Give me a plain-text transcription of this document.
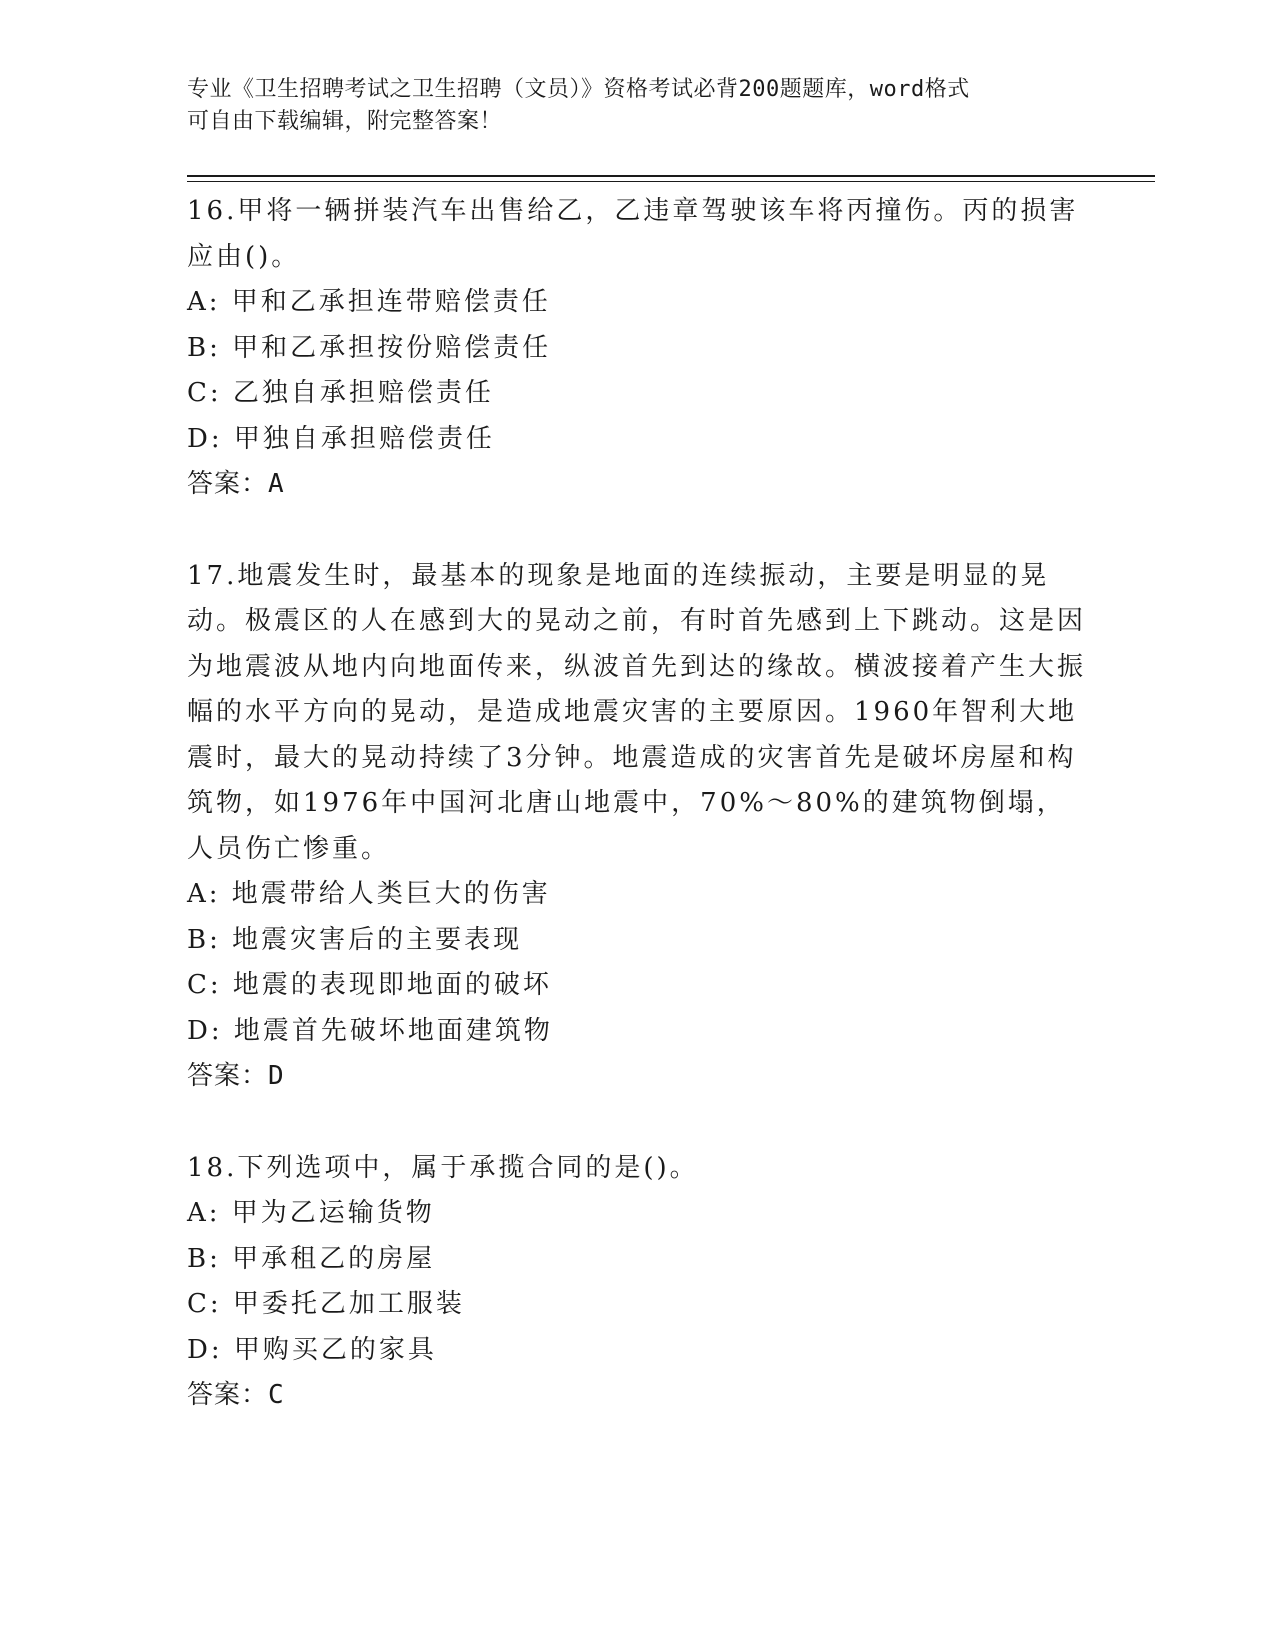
专业《卫生招聘考试之卫生招聘（文员）》资格考试必背200题题库，word格式
可自由下载编辑，附完整答案！

16.甲将一辆拼装汽车出售给乙，乙违章驾驶该车将丙撞伤。丙的损害应由()。

A: 甲和乙承担连带赔偿责任
B: 甲和乙承担按份赔偿责任
C: 乙独自承担赔偿责任
D: 甲独自承担赔偿责任
答案：A

17.地震发生时，最基本的现象是地面的连续振动，主要是明显的晃动。极震区的人在感到大的晃动之前，有时首先感到上下跳动。这是因为地震波从地内向地面传来，纵波首先到达的缘故。横波接着产生大振幅的水平方向的晃动，是造成地震灾害的主要原因。1960年智利大地震时，最大的晃动持续了3分钟。地震造成的灾害首先是破坏房屋和构筑物，如1976年中国河北唐山地震中，70%～80%的建筑物倒塌，人员伤亡惨重。

A: 地震带给人类巨大的伤害
B: 地震灾害后的主要表现
C: 地震的表现即地面的破坏
D: 地震首先破坏地面建筑物
答案：D

18.下列选项中，属于承揽合同的是()。

A: 甲为乙运输货物
B: 甲承租乙的房屋
C: 甲委托乙加工服装
D: 甲购买乙的家具
答案：C
